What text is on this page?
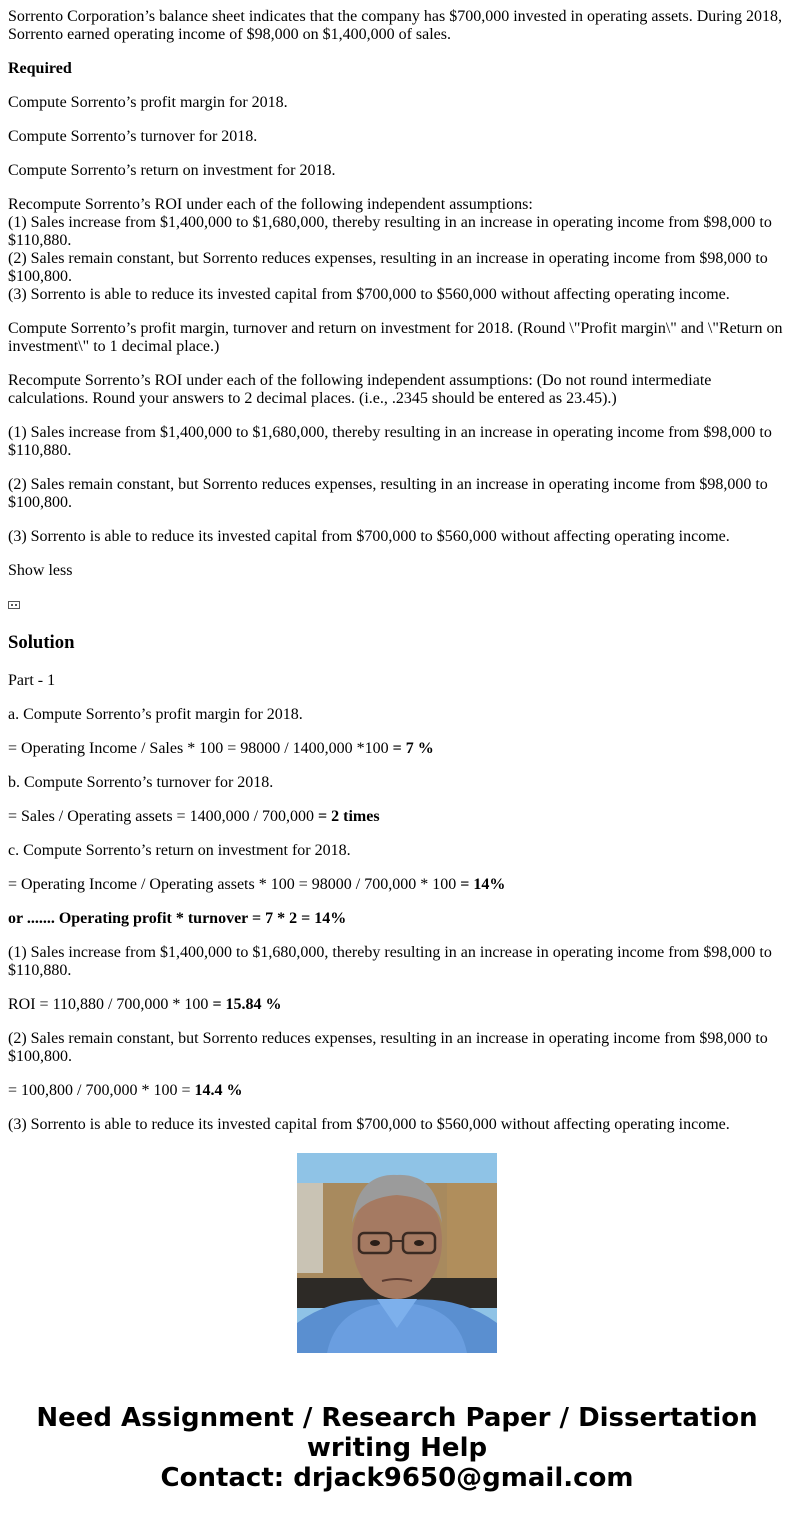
Sorrento Corporation’s balance sheet indicates that the company has $700,000 invested in operating assets. During 2018, Sorrento earned operating income of $98,000 on $1,400,000 of sales.

Required

Compute Sorrento’s profit margin for 2018.

Compute Sorrento’s turnover for 2018.

Compute Sorrento’s return on investment for 2018.

Recompute Sorrento’s ROI under each of the following independent assumptions:

(1) Sales increase from $1,400,000 to $1,680,000, thereby resulting in an increase in operating income from $98,000 to $110,880.

(2) Sales remain constant, but Sorrento reduces expenses, resulting in an increase in operating income from $98,000 to $100,800.

(3) Sorrento is able to reduce its invested capital from $700,000 to $560,000 without affecting operating income.

Compute Sorrento’s profit margin, turnover and return on investment for 2018. (Round \"Profit margin\" and \"Return on investment\" to 1 decimal place.)

Recompute Sorrento’s ROI under each of the following independent assumptions: (Do not round intermediate calculations. Round your answers to 2 decimal places. (i.e., .2345 should be entered as 23.45).)

(1) Sales increase from $1,400,000 to $1,680,000, thereby resulting in an increase in operating income from $98,000 to $110,880.

(2) Sales remain constant, but Sorrento reduces expenses, resulting in an increase in operating income from $98,000 to $100,800.

(3) Sorrento is able to reduce its invested capital from $700,000 to $560,000 without affecting operating income.

Show less

Solution

Part - 1

a. Compute Sorrento’s profit margin for 2018.

= Operating Income / Sales * 100 = 98000 / 1400,000 *100 = 7 %

b. Compute Sorrento’s turnover for 2018.

= Sales / Operating assets = 1400,000 / 700,000 = 2 times

c. Compute Sorrento’s return on investment for 2018.

= Operating Income / Operating assets * 100 = 98000 / 700,000 * 100 = 14%

or ....... Operating profit * turnover = 7 * 2 = 14%

(1) Sales increase from $1,400,000 to $1,680,000, thereby resulting in an increase in operating income from $98,000 to $110,880.

ROI = 110,880 / 700,000 * 100 = 15.84 %

(2) Sales remain constant, but Sorrento reduces expenses, resulting in an increase in operating income from $98,000 to $100,800.

= 100,800 / 700,000 * 100 = 14.4 %

(3) Sorrento is able to reduce its invested capital from $700,000 to $560,000 without affecting operating income.

Need Assignment / Research Paper / Dissertation
writing Help
Contact: drjack9650@gmail.com
